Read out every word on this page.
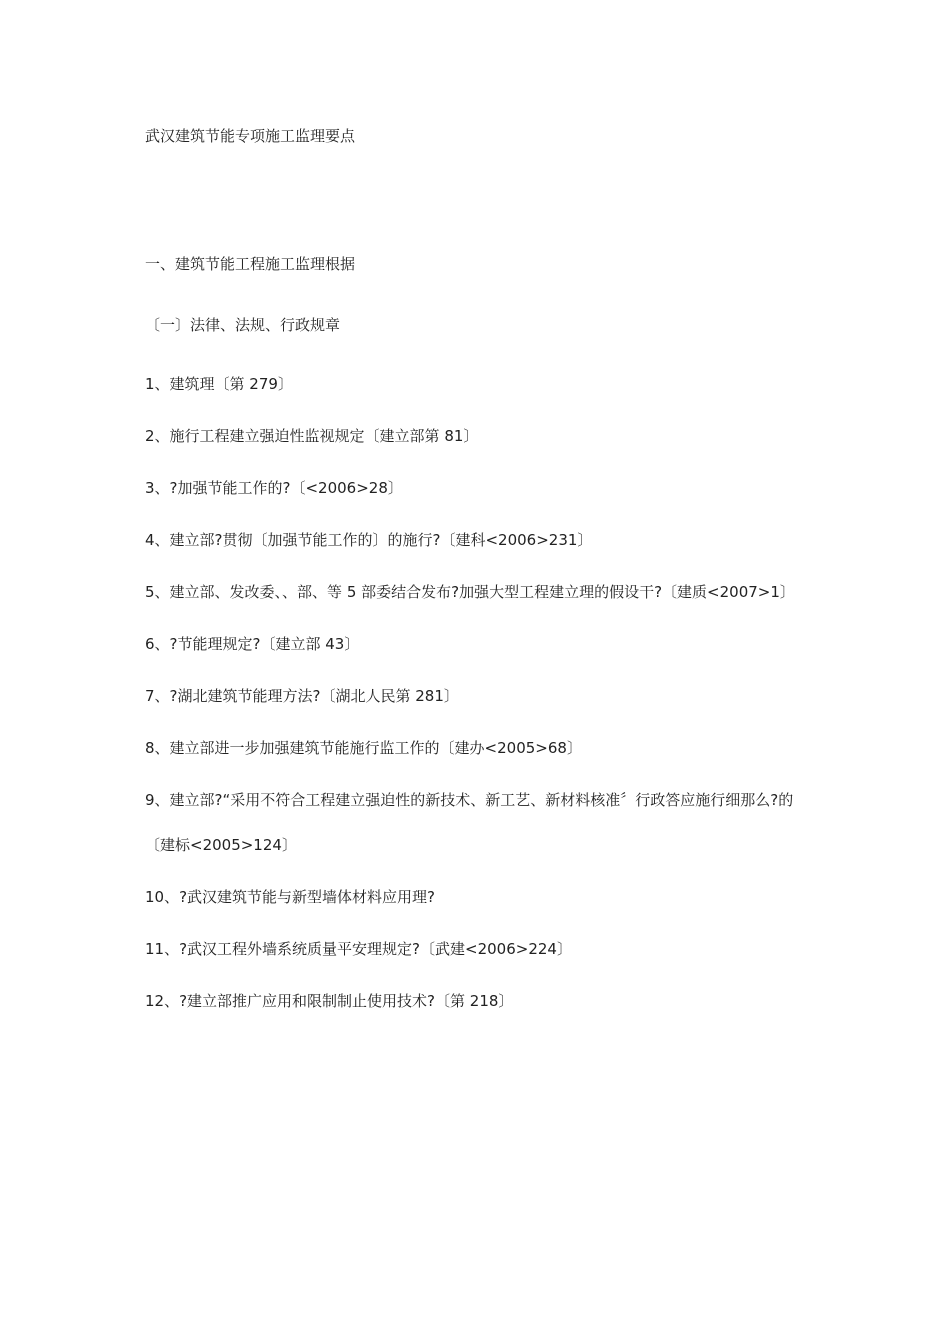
武汉建筑节能专项施工监理要点
一、建筑节能工程施工监理根据
〔一〕法律、法规、行政规章
1、建筑理〔第 279〕
2、施行工程建立强迫性监视规定〔建立部第 81〕
3、?加强节能工作的?〔<2006>28〕
4、建立部?贯彻〔加强节能工作的〕的施行?〔建科<2006>231〕
5、建立部、发改委、、部、等 5 部委结合发布?加强大型工程建立理的假设干?〔建质<2007>1〕
6、?节能理规定?〔建立部 43〕
7、?湖北建筑节能理方法?〔湖北人民第 281〕
8、建立部进一步加强建筑节能施行监工作的〔建办<2005>68〕
9、建立部?“采用不符合工程建立强迫性的新技术、新工艺、新材料核准〞行政答应施行细那么?的〔建标<2005>124〕
10、?武汉建筑节能与新型墙体材料应用理?
11、?武汉工程外墙系统质量平安理规定?〔武建<2006>224〕
12、?建立部推广应用和限制制止使用技术?〔第 218〕
